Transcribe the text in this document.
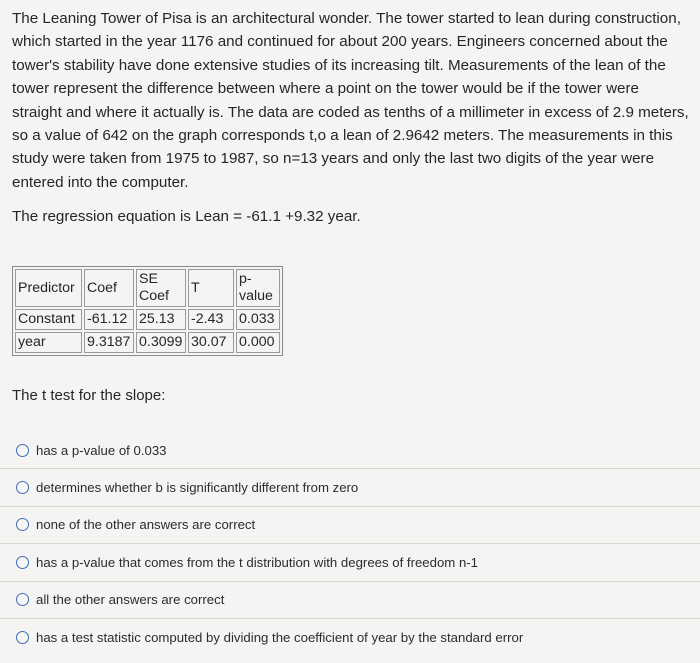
The Leaning Tower of Pisa is an architectural wonder. The tower started to lean during construction, which started in the year 1176 and continued for about 200 years. Engineers concerned about the tower's stability have done extensive studies of its increasing tilt. Measurements of the lean of the tower represent the difference between where a point on the tower would be if the tower were straight and where it actually is. The data are coded as tenths of a millimeter in excess of 2.9 meters, so a value of 642 on the graph corresponds t,o a lean of 2.9642 meters. The measurements in this study were taken from 1975 to 1987, so n=13 years and only the last two digits of the year were entered into the computer.
The regression equation is Lean = -61.1 +9.32 year.
Predictor	Coef	SE Coef	T	p-value
Constant	-61.12	25.13	-2.43	0.033
year	9.3187	0.3099	30.07	0.000
The t test for the slope:
has a p-value of 0.033
determines whether b is significantly different from zero
none of the other answers are correct
has a p-value that comes from the t distribution with degrees of freedom n-1
all the other answers are correct
has a test statistic computed by dividing the coefficient of year by the standard error
